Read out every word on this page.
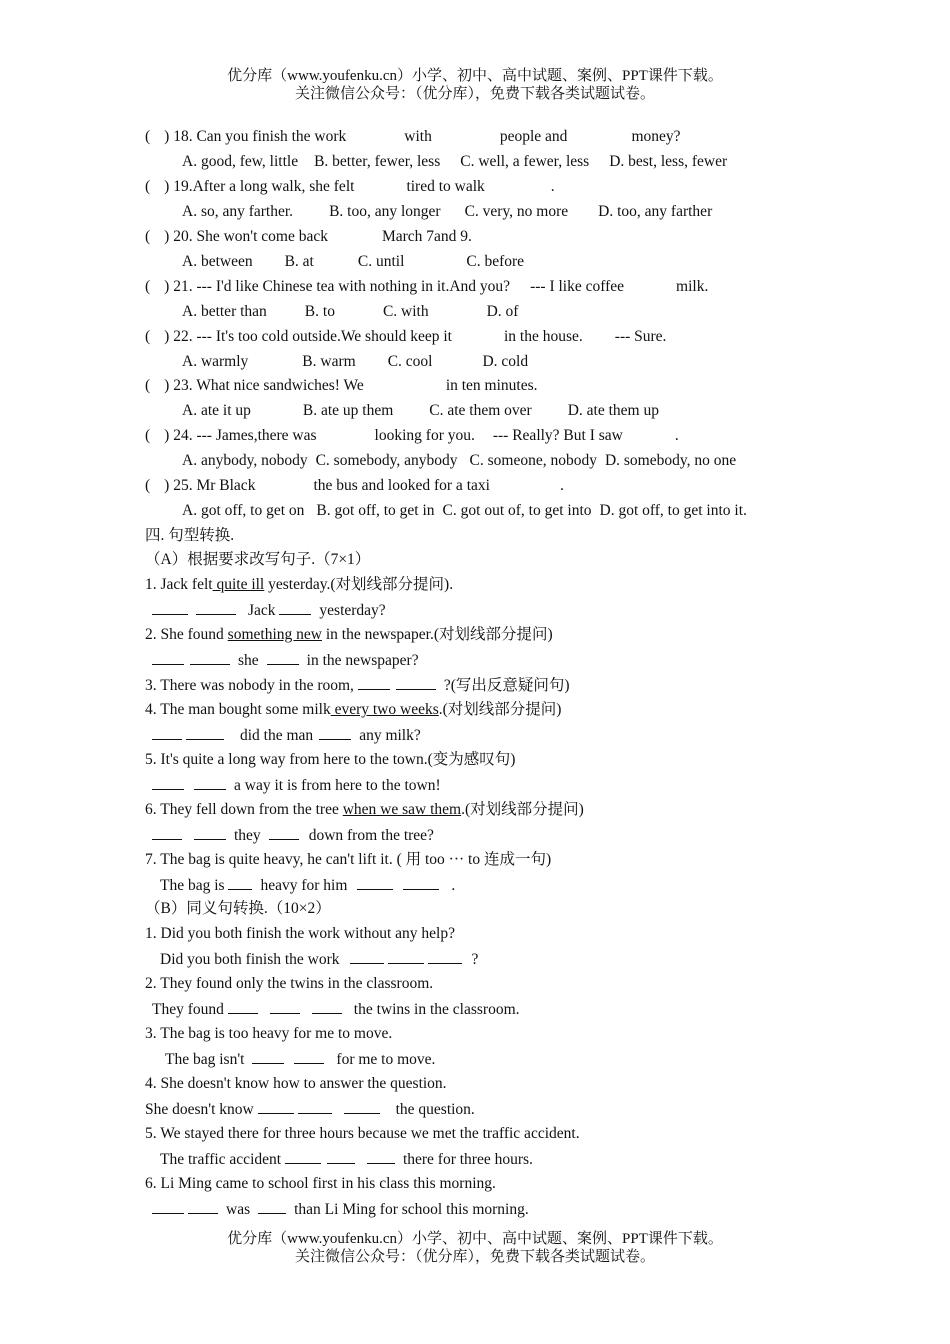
优分库（www.youfenku.cn）小学、初中、高中试题、案例、PPT课件下载。
关注微信公众号：（优分库），免费下载各类试题试卷。
( ) 18. Can you finish the work	with	people and	money?
A. good, few, little B. better, fewer, less C. well, a fewer, less D. best, less, fewer
( ) 19.After a long walk, she felt	tired to walk	.
A. so, any farther. B. too, any longer C. very, no more D. too, any farther
( ) 20. She won't come back	March 7and 9.
A. between B. at	C. until	C. before
( ) 21. --- I'd like Chinese tea with nothing in it.And you? --- I like coffee	milk.
A. better than B. to	C. with	D. of
( ) 22. --- It's too cold outside.We should keep it	in the house. --- Sure.
A. warmly	B. warm C. cool	D. cold
( ) 23. What nice sandwiches! We	in ten minutes.
A. ate it up	B. ate up them C. ate them over D. ate them up
( ) 24. --- James,there was	looking for you. --- Really? But I saw	.
A. anybody, nobody C. somebody, anybody C. someone, nobody D. somebody, no one
( ) 25. Mr Black	the bus and looked for a taxi	.
A. got off, to get on B. got off, to get in C. got out of, to get into D. got off, to get into it.
四. 句型转换.
（A）根据要求改写句子.（7×1）
1. Jack felt quite ill yesterday.(对划线部分提问).
Jack	yesterday?
2. She found something new in the newspaper.(对划线部分提问)
she	in the newspaper?
3. There was nobody in the room,	?(写出反意疑问句)
4. The man bought some milk every two weeks.(对划线部分提问)
did the man	any milk?
5. It's quite a long way from here to the town.(变为感叹句)
a way it is from here to the town!
6. They fell down from the tree when we saw them.(对划线部分提问)
they	down from the tree?
7. The bag is quite heavy, he can't lift it. ( 用 too ··· to 连成一句)
The bag is heavy for him	.
（B）同义句转换.（10×2）
1. Did you both finish the work without any help?
Did you both finish the work	?
2. They found only the twins in the classroom.
They found	the twins in the classroom.
3. The bag is too heavy for me to move.
The bag isn't	for me to move.
4. She doesn't know how to answer the question.
She doesn't know	the question.
5. We stayed there for three hours because we met the traffic accident.
The traffic accident	there for three hours.
6. Li Ming came to school first in his class this morning.
was	than Li Ming for school this morning.
优分库（www.youfenku.cn）小学、初中、高中试题、案例、PPT课件下载。
关注微信公众号：（优分库），免费下载各类试题试卷。
